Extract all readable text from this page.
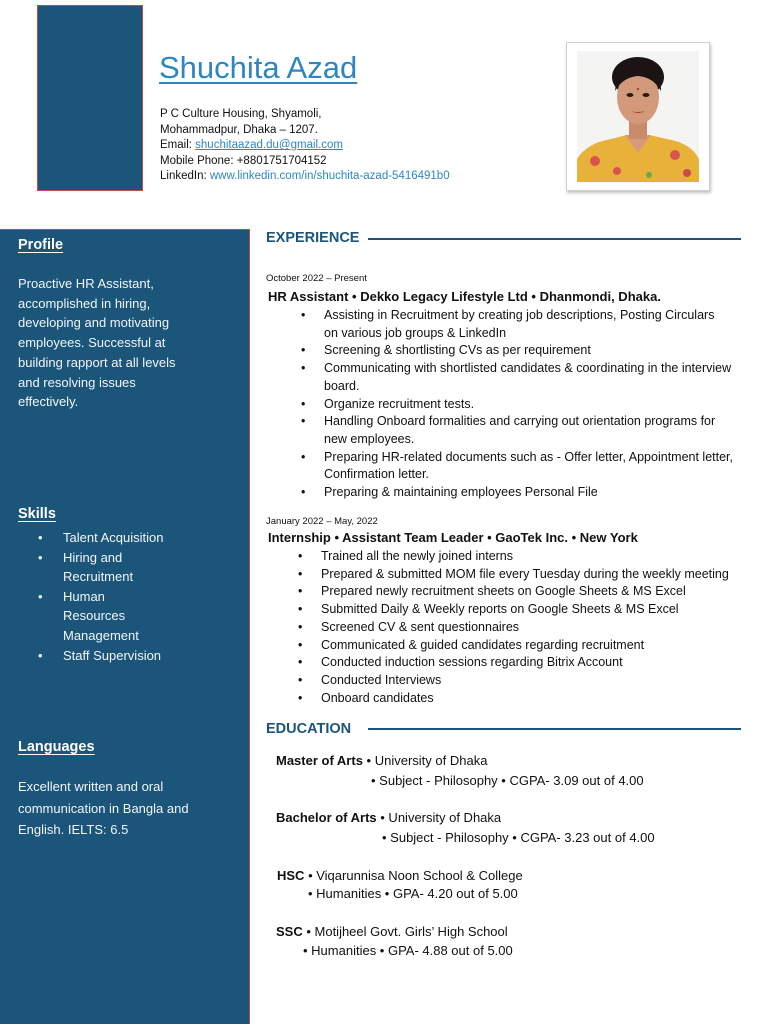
Shuchita Azad
P C Culture Housing, Shyamoli,
Mohammadpur, Dhaka – 1207.
Email: shuchitaazad.du@gmail.com
Mobile Phone: +8801751704152
LinkedIn: www.linkedin.com/in/shuchita-azad-5416491b0
Profile
Proactive HR Assistant, accomplished in hiring, developing and motivating employees. Successful at building rapport at all levels and resolving issues effectively.
Skills
• Talent Acquisition
• Hiring and Recruitment
• Human Resources Management
• Staff Supervision
Languages
Excellent written and oral communication in Bangla and English. IELTS: 6.5
EXPERIENCE
October 2022 – Present
HR Assistant • Dekko Legacy Lifestyle Ltd • Dhanmondi, Dhaka.
• Assisting in Recruitment by creating job descriptions, Posting Circulars on various job groups & LinkedIn
• Screening & shortlisting CVs as per requirement
• Communicating with shortlisted candidates & coordinating in the interview board.
• Organize recruitment tests.
• Handling Onboard formalities and carrying out orientation programs for new employees.
• Preparing HR-related documents such as - Offer letter, Appointment letter, Confirmation letter.
• Preparing & maintaining employees Personal File
January 2022 – May, 2022
Internship • Assistant Team Leader • GaoTek Inc. • New York
• Trained all the newly joined interns
• Prepared & submitted MOM file every Tuesday during the weekly meeting
• Prepared newly recruitment sheets on Google Sheets & MS Excel
• Submitted Daily & Weekly reports on Google Sheets & MS Excel
• Screened CV & sent questionnaires
• Communicated & guided candidates regarding recruitment
• Conducted induction sessions regarding Bitrix Account
• Conducted Interviews
• Onboard candidates
EDUCATION
Master of Arts • University of Dhaka
• Subject - Philosophy • CGPA- 3.09 out of 4.00
Bachelor of Arts • University of Dhaka
• Subject - Philosophy • CGPA- 3.23 out of 4.00
HSC • Viqarunnisa Noon School & College
• Humanities • GPA- 4.20 out of 5.00
SSC • Motijheel Govt. Girls’ High School
• Humanities • GPA- 4.88 out of 5.00
